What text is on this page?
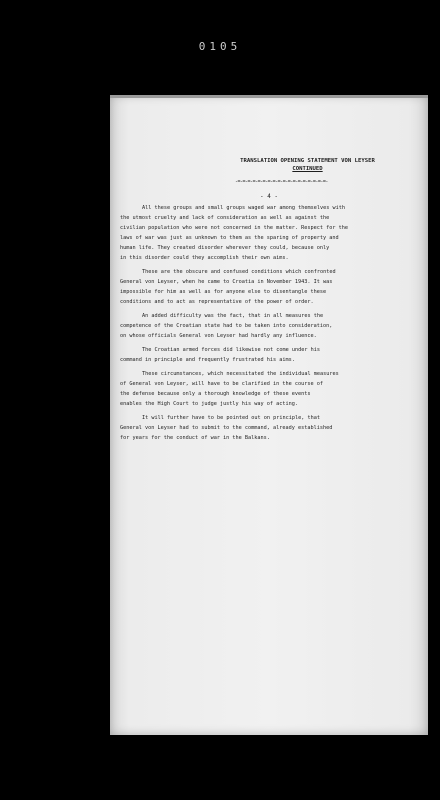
0105
TRANSLATION OPENING STATEMENT VON LEYSER
CONTINUED
-=-=-=-=-=-=-=-=-=-=-=-=-=-=-=-=-=-=-
- 4 -

All these groups and small groups waged war among themselves with
the utmost cruelty and lack of consideration as well as against the
civilian population who were not concerned in the matter. Respect for the
laws of war was just as unknown to them as the sparing of property and
human life. They created disorder wherever they could, because only
in this disorder could they accomplish their own aims.

These are the obscure and confused conditions which confronted
General von Leyser, when he came to Croatia in November 1943. It was
impossible for him as well as for anyone else to disentangle these
conditions and to act as representative of the power of order.

An added difficulty was the fact, that in all measures the
competence of the Croatian state had to be taken into consideration,
on whose officials General von Leyser had hardly any influence.

The Croatian armed forces did likewise not come under his
command in principle and frequently frustrated his aims.

These circumstances, which necessitated the individual measures
of General von Leyser, will have to be clarified in the course of
the defense because only a thorough knowledge of these events
enables the High Court to judge justly his way of acting.

It will further have to be pointed out on principle, that
General von Leyser had to submit to the command, already established
for years for the conduct of war in the Balkans.
